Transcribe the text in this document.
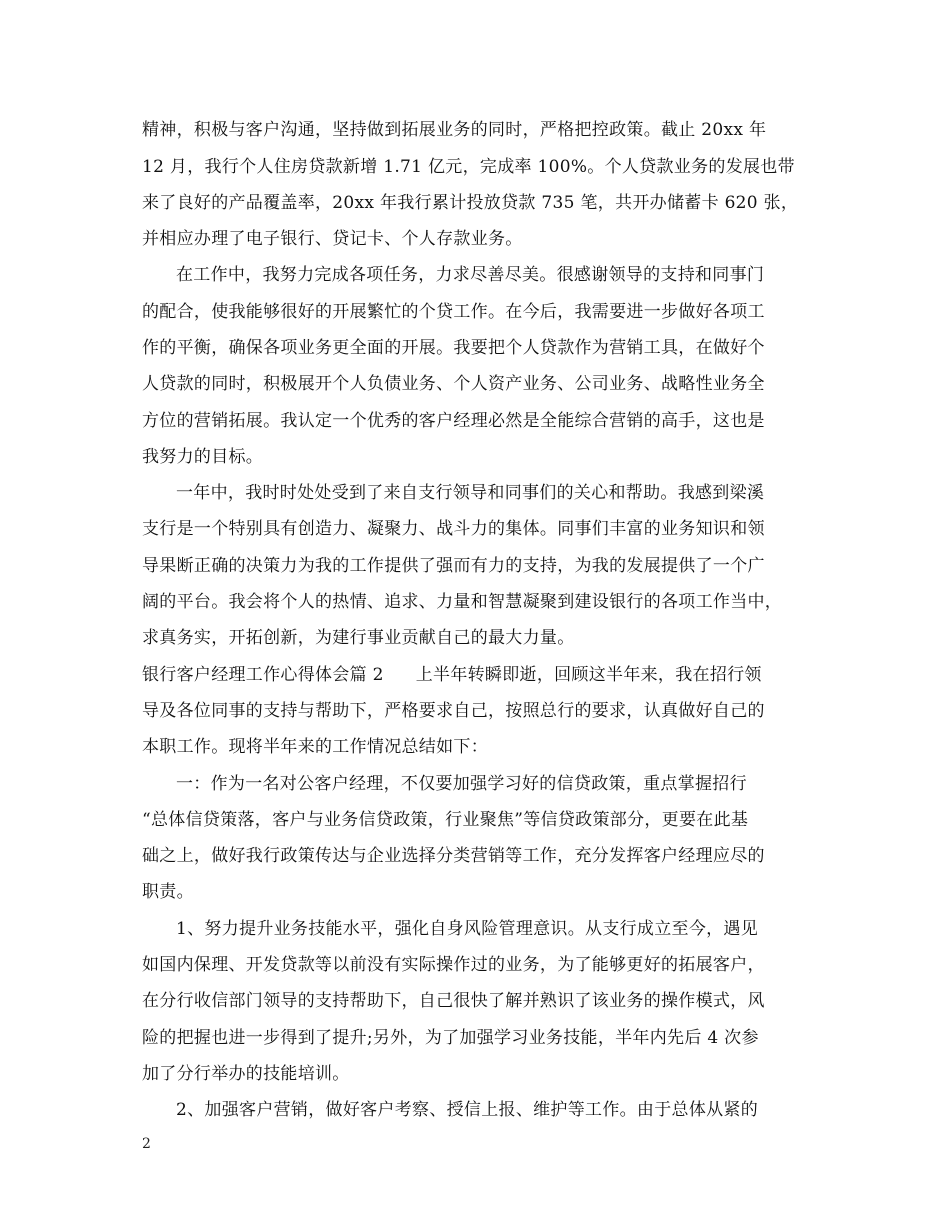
精神，积极与客户沟通，坚持做到拓展业务的同时，严格把控政策。截止 20xx 年
12 月，我行个人住房贷款新增 1.71 亿元，完成率 100%。个人贷款业务的发展也带
来了良好的产品覆盖率，20xx 年我行累计投放贷款 735 笔，共开办储蓄卡 620 张，
并相应办理了电子银行、贷记卡、个人存款业务。
在工作中，我努力完成各项任务，力求尽善尽美。很感谢领导的支持和同事门
的配合，使我能够很好的开展繁忙的个贷工作。在今后，我需要进一步做好各项工
作的平衡，确保各项业务更全面的开展。我要把个人贷款作为营销工具，在做好个
人贷款的同时，积极展开个人负债业务、个人资产业务、公司业务、战略性业务全
方位的营销拓展。我认定一个优秀的客户经理必然是全能综合营销的高手，这也是
我努力的目标。
一年中，我时时处处受到了来自支行领导和同事们的关心和帮助。我感到梁溪
支行是一个特别具有创造力、凝聚力、战斗力的集体。同事们丰富的业务知识和领
导果断正确的决策力为我的工作提供了强而有力的支持，为我的发展提供了一个广
阔的平台。我会将个人的热情、追求、力量和智慧凝聚到建设银行的各项工作当中，
求真务实，开拓创新，为建行事业贡献自己的最大力量。
银行客户经理工作心得体会篇 2 上半年转瞬即逝，回顾这半年来，我在招行领
导及各位同事的支持与帮助下，严格要求自己，按照总行的要求，认真做好自己的
本职工作。现将半年来的工作情况总结如下：
一：作为一名对公客户经理，不仅要加强学习好的信贷政策，重点掌握招行
“总体信贷策落，客户与业务信贷政策，行业聚焦”等信贷政策部分，更要在此基
础之上，做好我行政策传达与企业选择分类营销等工作，充分发挥客户经理应尽的
职责。
1、努力提升业务技能水平，强化自身风险管理意识。从支行成立至今，遇见
如国内保理、开发贷款等以前没有实际操作过的业务，为了能够更好的拓展客户，
在分行收信部门领导的支持帮助下，自己很快了解并熟识了该业务的操作模式，风
险的把握也进一步得到了提升;另外，为了加强学习业务技能，半年内先后 4 次参
加了分行举办的技能培训。
2、加强客户营销，做好客户考察、授信上报、维护等工作。由于总体从紧的
2
